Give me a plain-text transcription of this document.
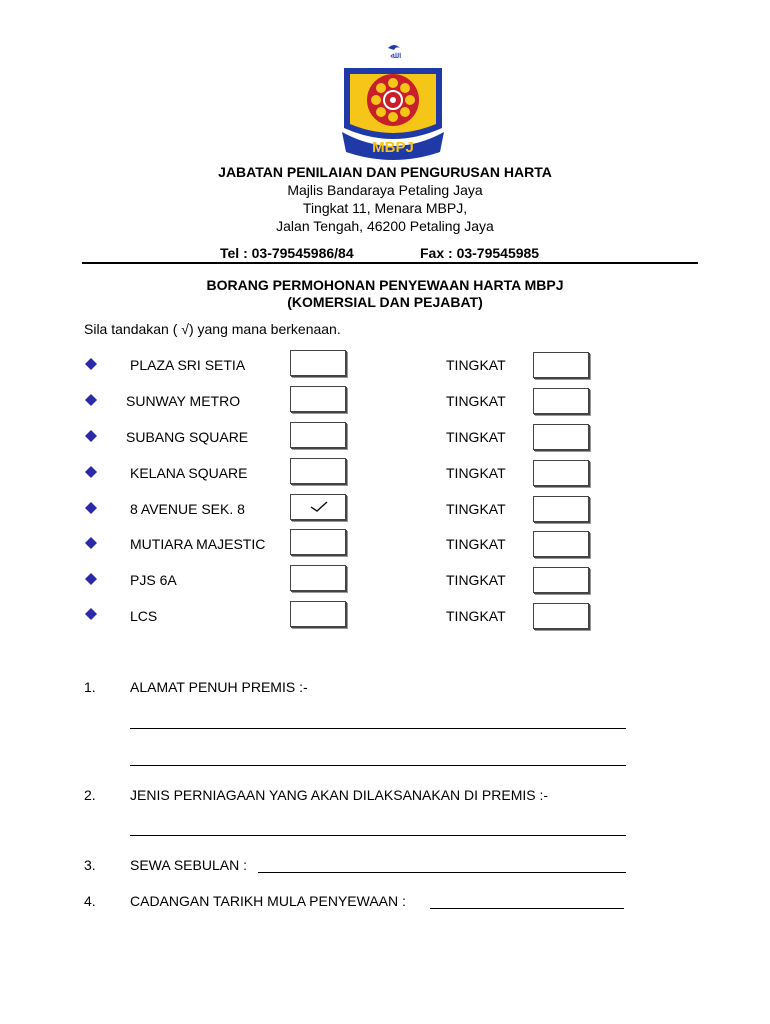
ﷲ
MBPJ
JABATAN PENILAIAN DAN PENGURUSAN HARTA
Majlis Bandaraya Petaling Jaya
Tingkat 11, Menara MBPJ,
Jalan Tengah, 46200 Petaling Jaya
Tel : 03-79545986/84	Fax : 03-79545985
BORANG PERMOHONAN PENYEWAAN HARTA MBPJ
(KOMERSIAL DAN PEJABAT)
Sila tandakan ( √) yang mana berkenaan.
PLAZA SRI SETIA	TINGKAT
SUNWAY METRO	TINGKAT
SUBANG SQUARE	TINGKAT
KELANA SQUARE	TINGKAT
8 AVENUE SEK. 8	TINGKAT
MUTIARA MAJESTIC	TINGKAT
PJS 6A	TINGKAT
LCS	TINGKAT
1. ALAMAT PENUH PREMIS :-
2. JENIS PERNIAGAAN YANG AKAN DILAKSANAKAN DI PREMIS :-
3. SEWA SEBULAN :
4. CADANGAN TARIKH MULA PENYEWAAN :
